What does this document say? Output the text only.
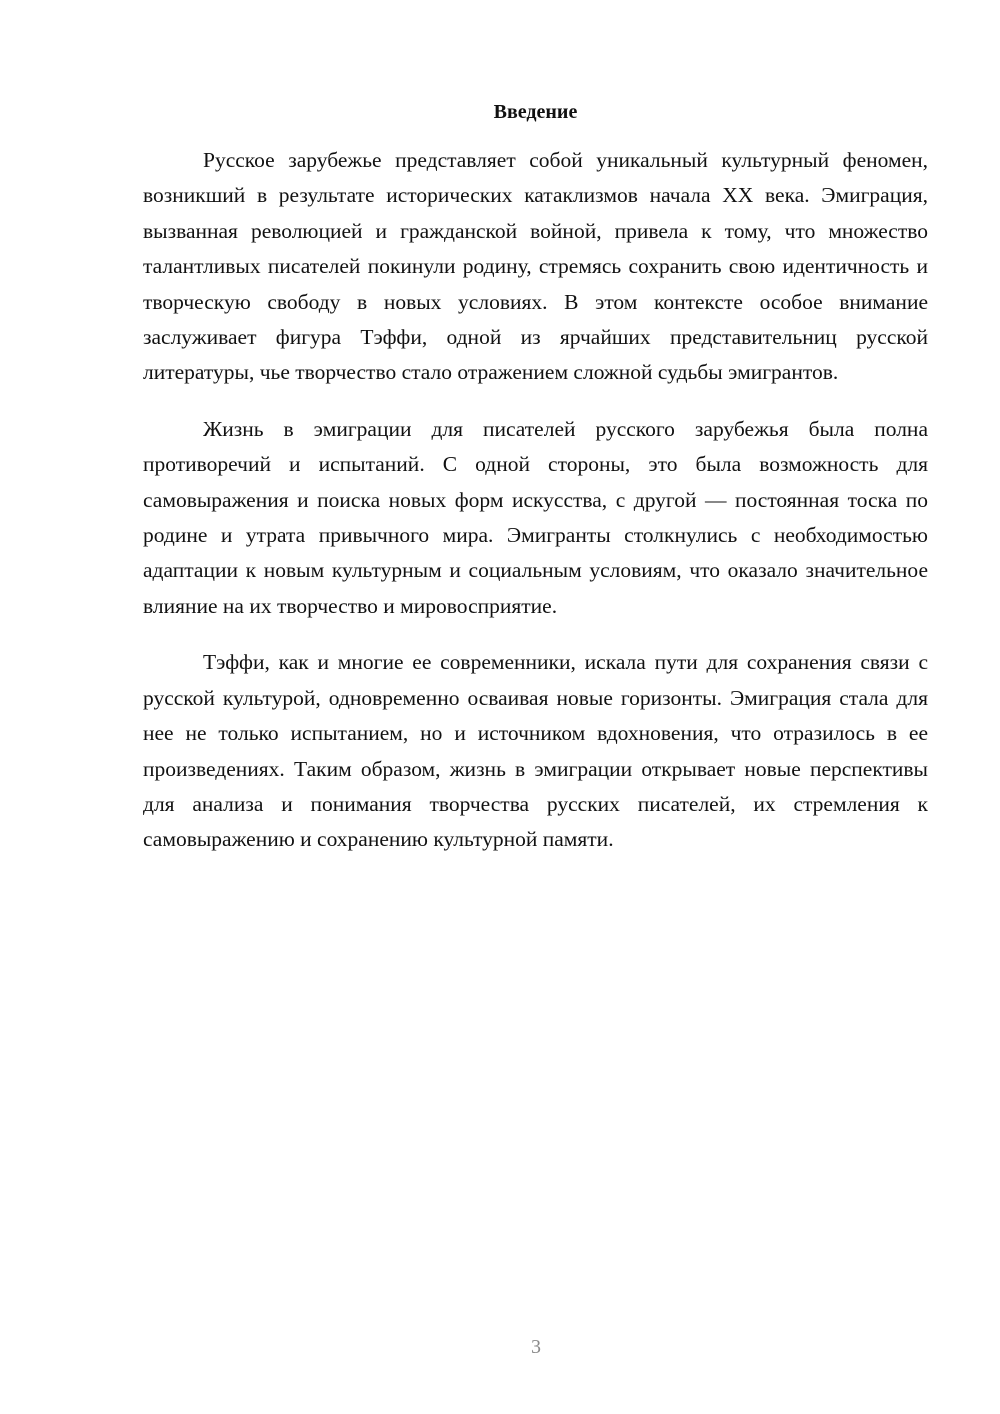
Введение

Русское зарубежье представляет собой уникальный культурный феномен, возникший в результате исторических катаклизмов начала XX века. Эмиграция, вызванная революцией и гражданской войной, привела к тому, что множество талантливых писателей покинули родину, стремясь сохранить свою идентичность и творческую свободу в новых условиях. В этом контексте особое внимание заслуживает фигура Тэффи, одной из ярчайших представительниц русской литературы, чье творчество стало отражением сложной судьбы эмигрантов.

Жизнь в эмиграции для писателей русского зарубежья была полна противоречий и испытаний. С одной стороны, это была возможность для самовыражения и поиска новых форм искусства, с другой — постоянная тоска по родине и утрата привычного мира. Эмигранты столкнулись с необходимостью адаптации к новым культурным и социальным условиям, что оказало значительное влияние на их творчество и мировосприятие.

Тэффи, как и многие ее современники, искала пути для сохранения связи с русской культурой, одновременно осваивая новые горизонты. Эмиграция стала для нее не только испытанием, но и источником вдохновения, что отразилось в ее произведениях. Таким образом, жизнь в эмиграции открывает новые перспективы для анализа и понимания творчества русских писателей, их стремления к самовыражению и сохранению культурной памяти.

3
